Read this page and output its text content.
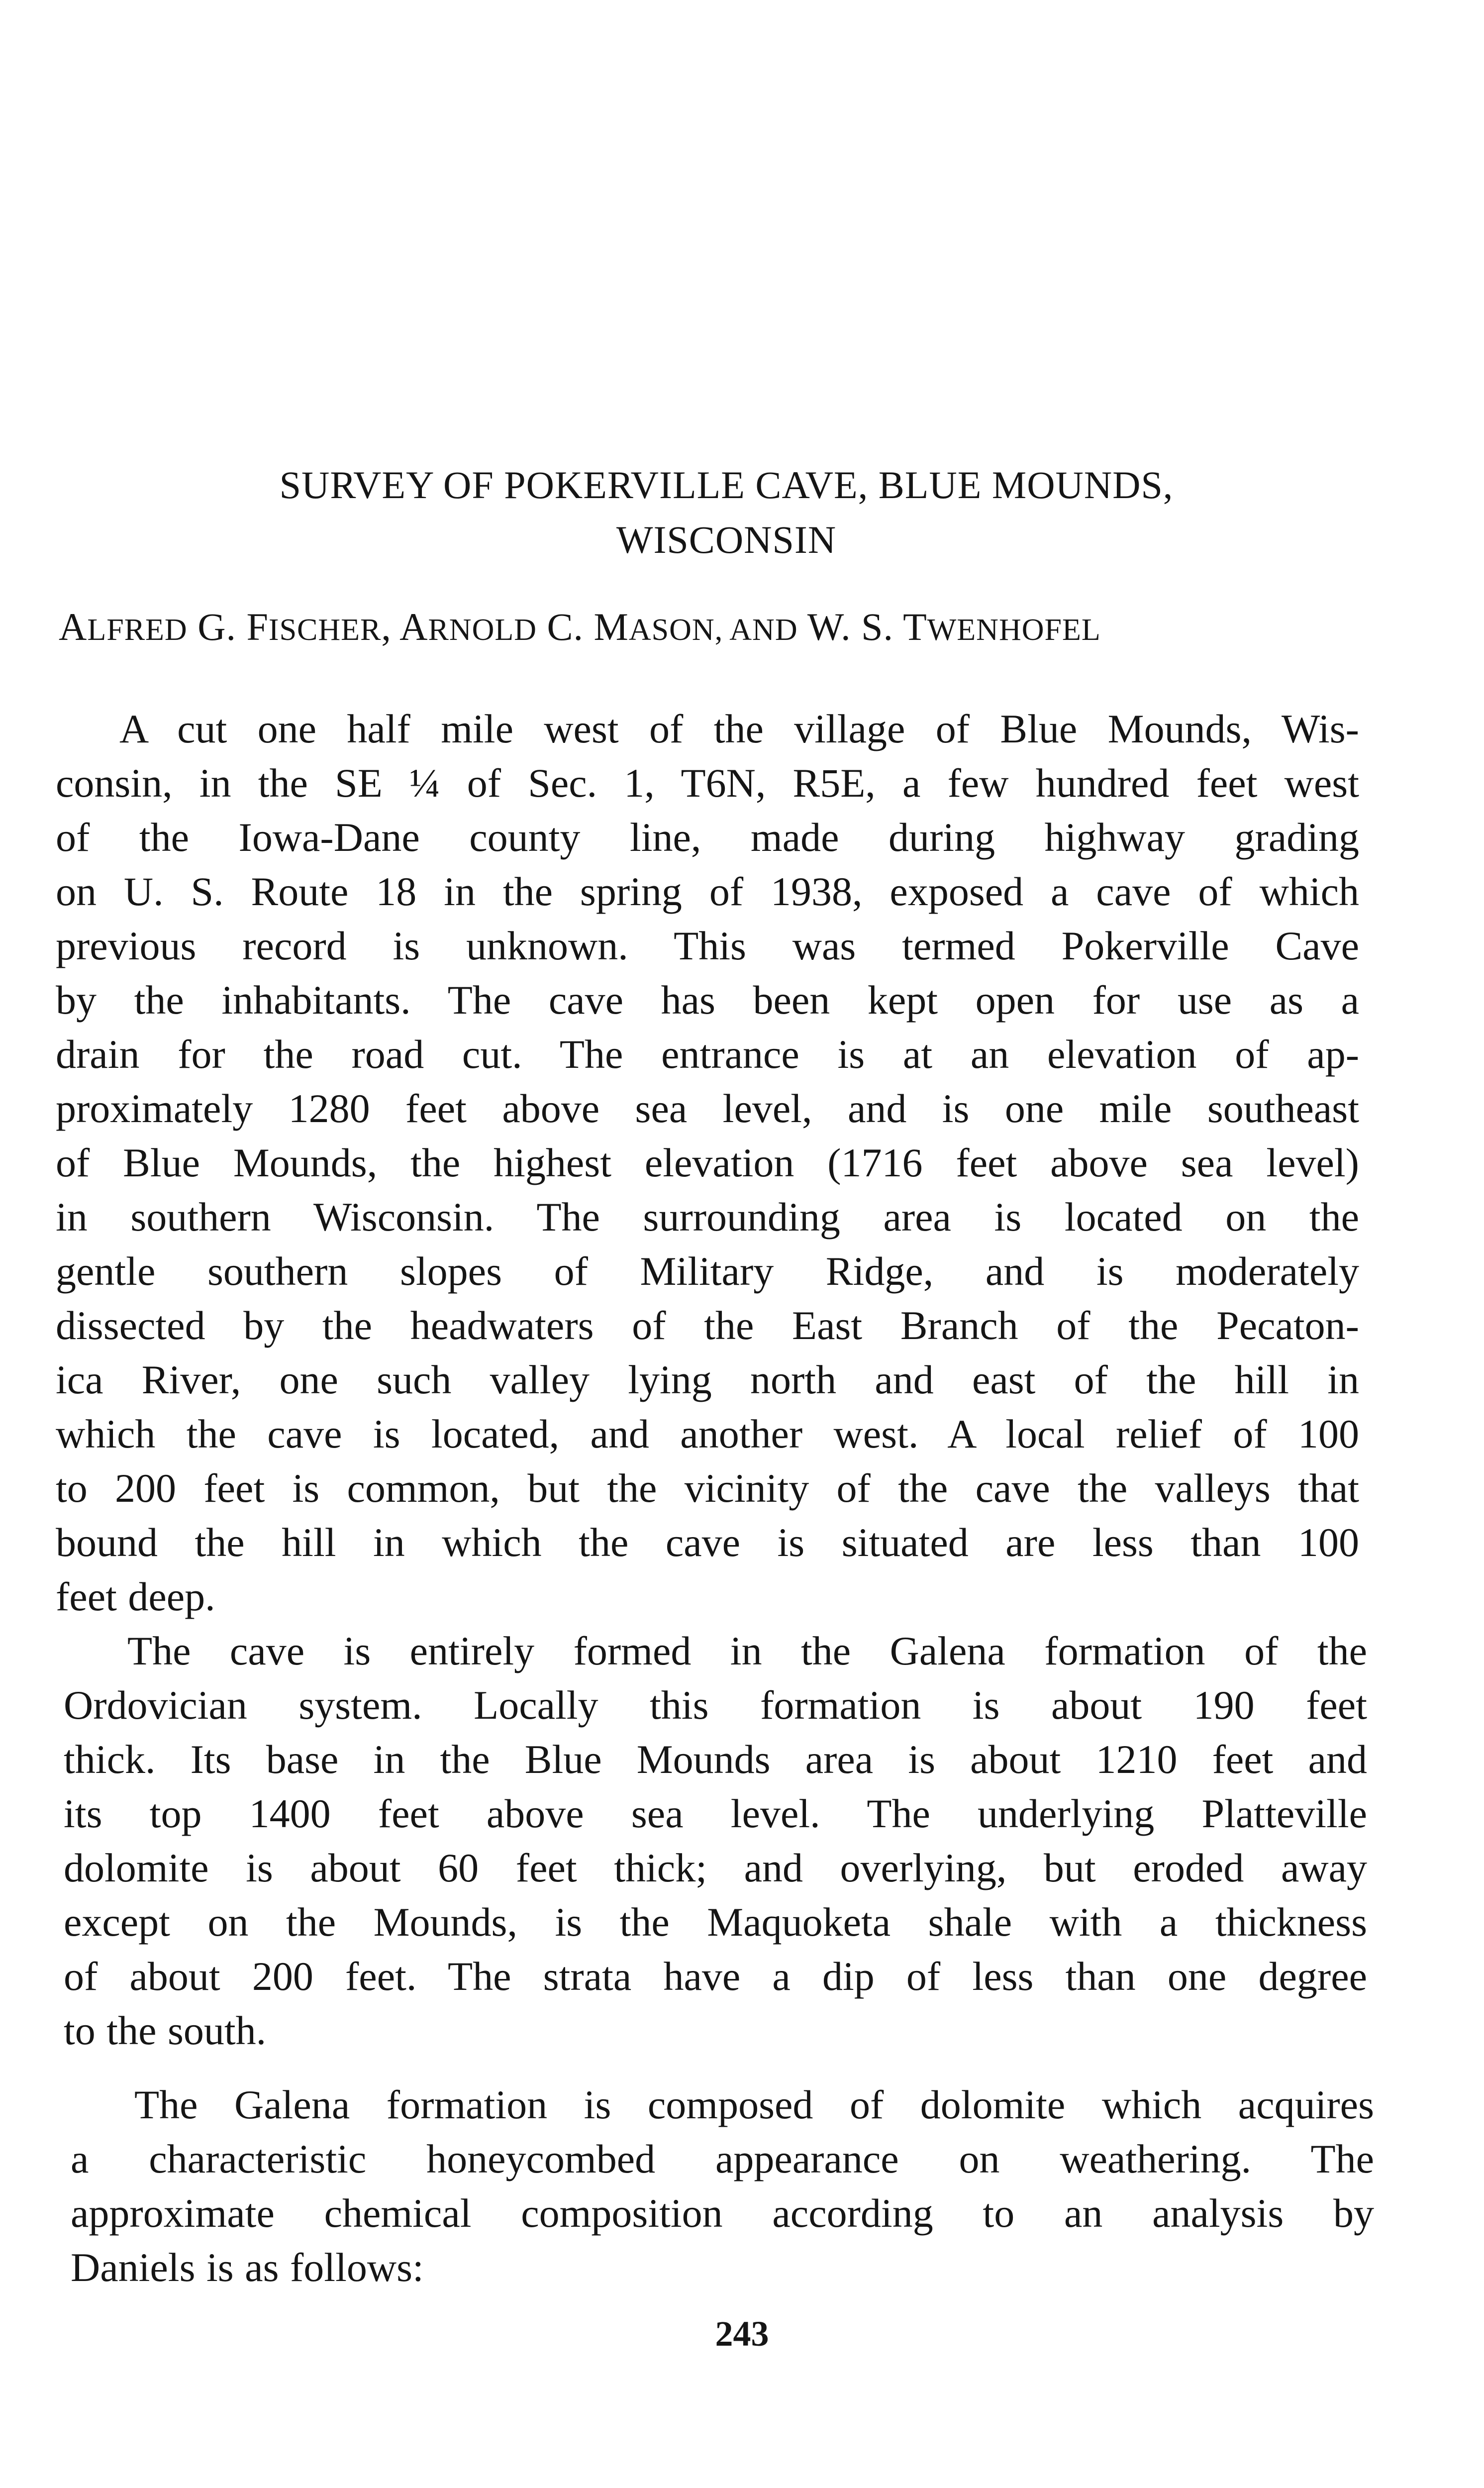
SURVEY OF POKERVILLE CAVE, BLUE MOUNDS,
WISCONSIN

ALFRED G. FISCHER, ARNOLD C. MASON, AND W. S. TWENHOFEL

A cut one half mile west of the village of Blue Mounds, Wis-
consin, in the SE ¼ of Sec. 1, T6N, R5E, a few hundred feet west
of the Iowa-Dane county line, made during highway grading
on U. S. Route 18 in the spring of 1938, exposed a cave of which
previous record is unknown. This was termed Pokerville Cave
by the inhabitants. The cave has been kept open for use as a
drain for the road cut. The entrance is at an elevation of ap-
proximately 1280 feet above sea level, and is one mile southeast
of Blue Mounds, the highest elevation (1716 feet above sea level)
in southern Wisconsin. The surrounding area is located on the
gentle southern slopes of Military Ridge, and is moderately
dissected by the headwaters of the East Branch of the Pecaton-
ica River, one such valley lying north and east of the hill in
which the cave is located, and another west. A local relief of 100
to 200 feet is common, but the vicinity of the cave the valleys that
bound the hill in which the cave is situated are less than 100
feet deep.
The cave is entirely formed in the Galena formation of the
Ordovician system. Locally this formation is about 190 feet
thick. Its base in the Blue Mounds area is about 1210 feet and
its top 1400 feet above sea level. The underlying Platteville
dolomite is about 60 feet thick; and overlying, but eroded away
except on the Mounds, is the Maquoketa shale with a thickness
of about 200 feet. The strata have a dip of less than one degree
to the south.
The Galena formation is composed of dolomite which acquires
a characteristic honeycombed appearance on weathering. The
approximate chemical composition according to an analysis by
Daniels is as follows:

243
